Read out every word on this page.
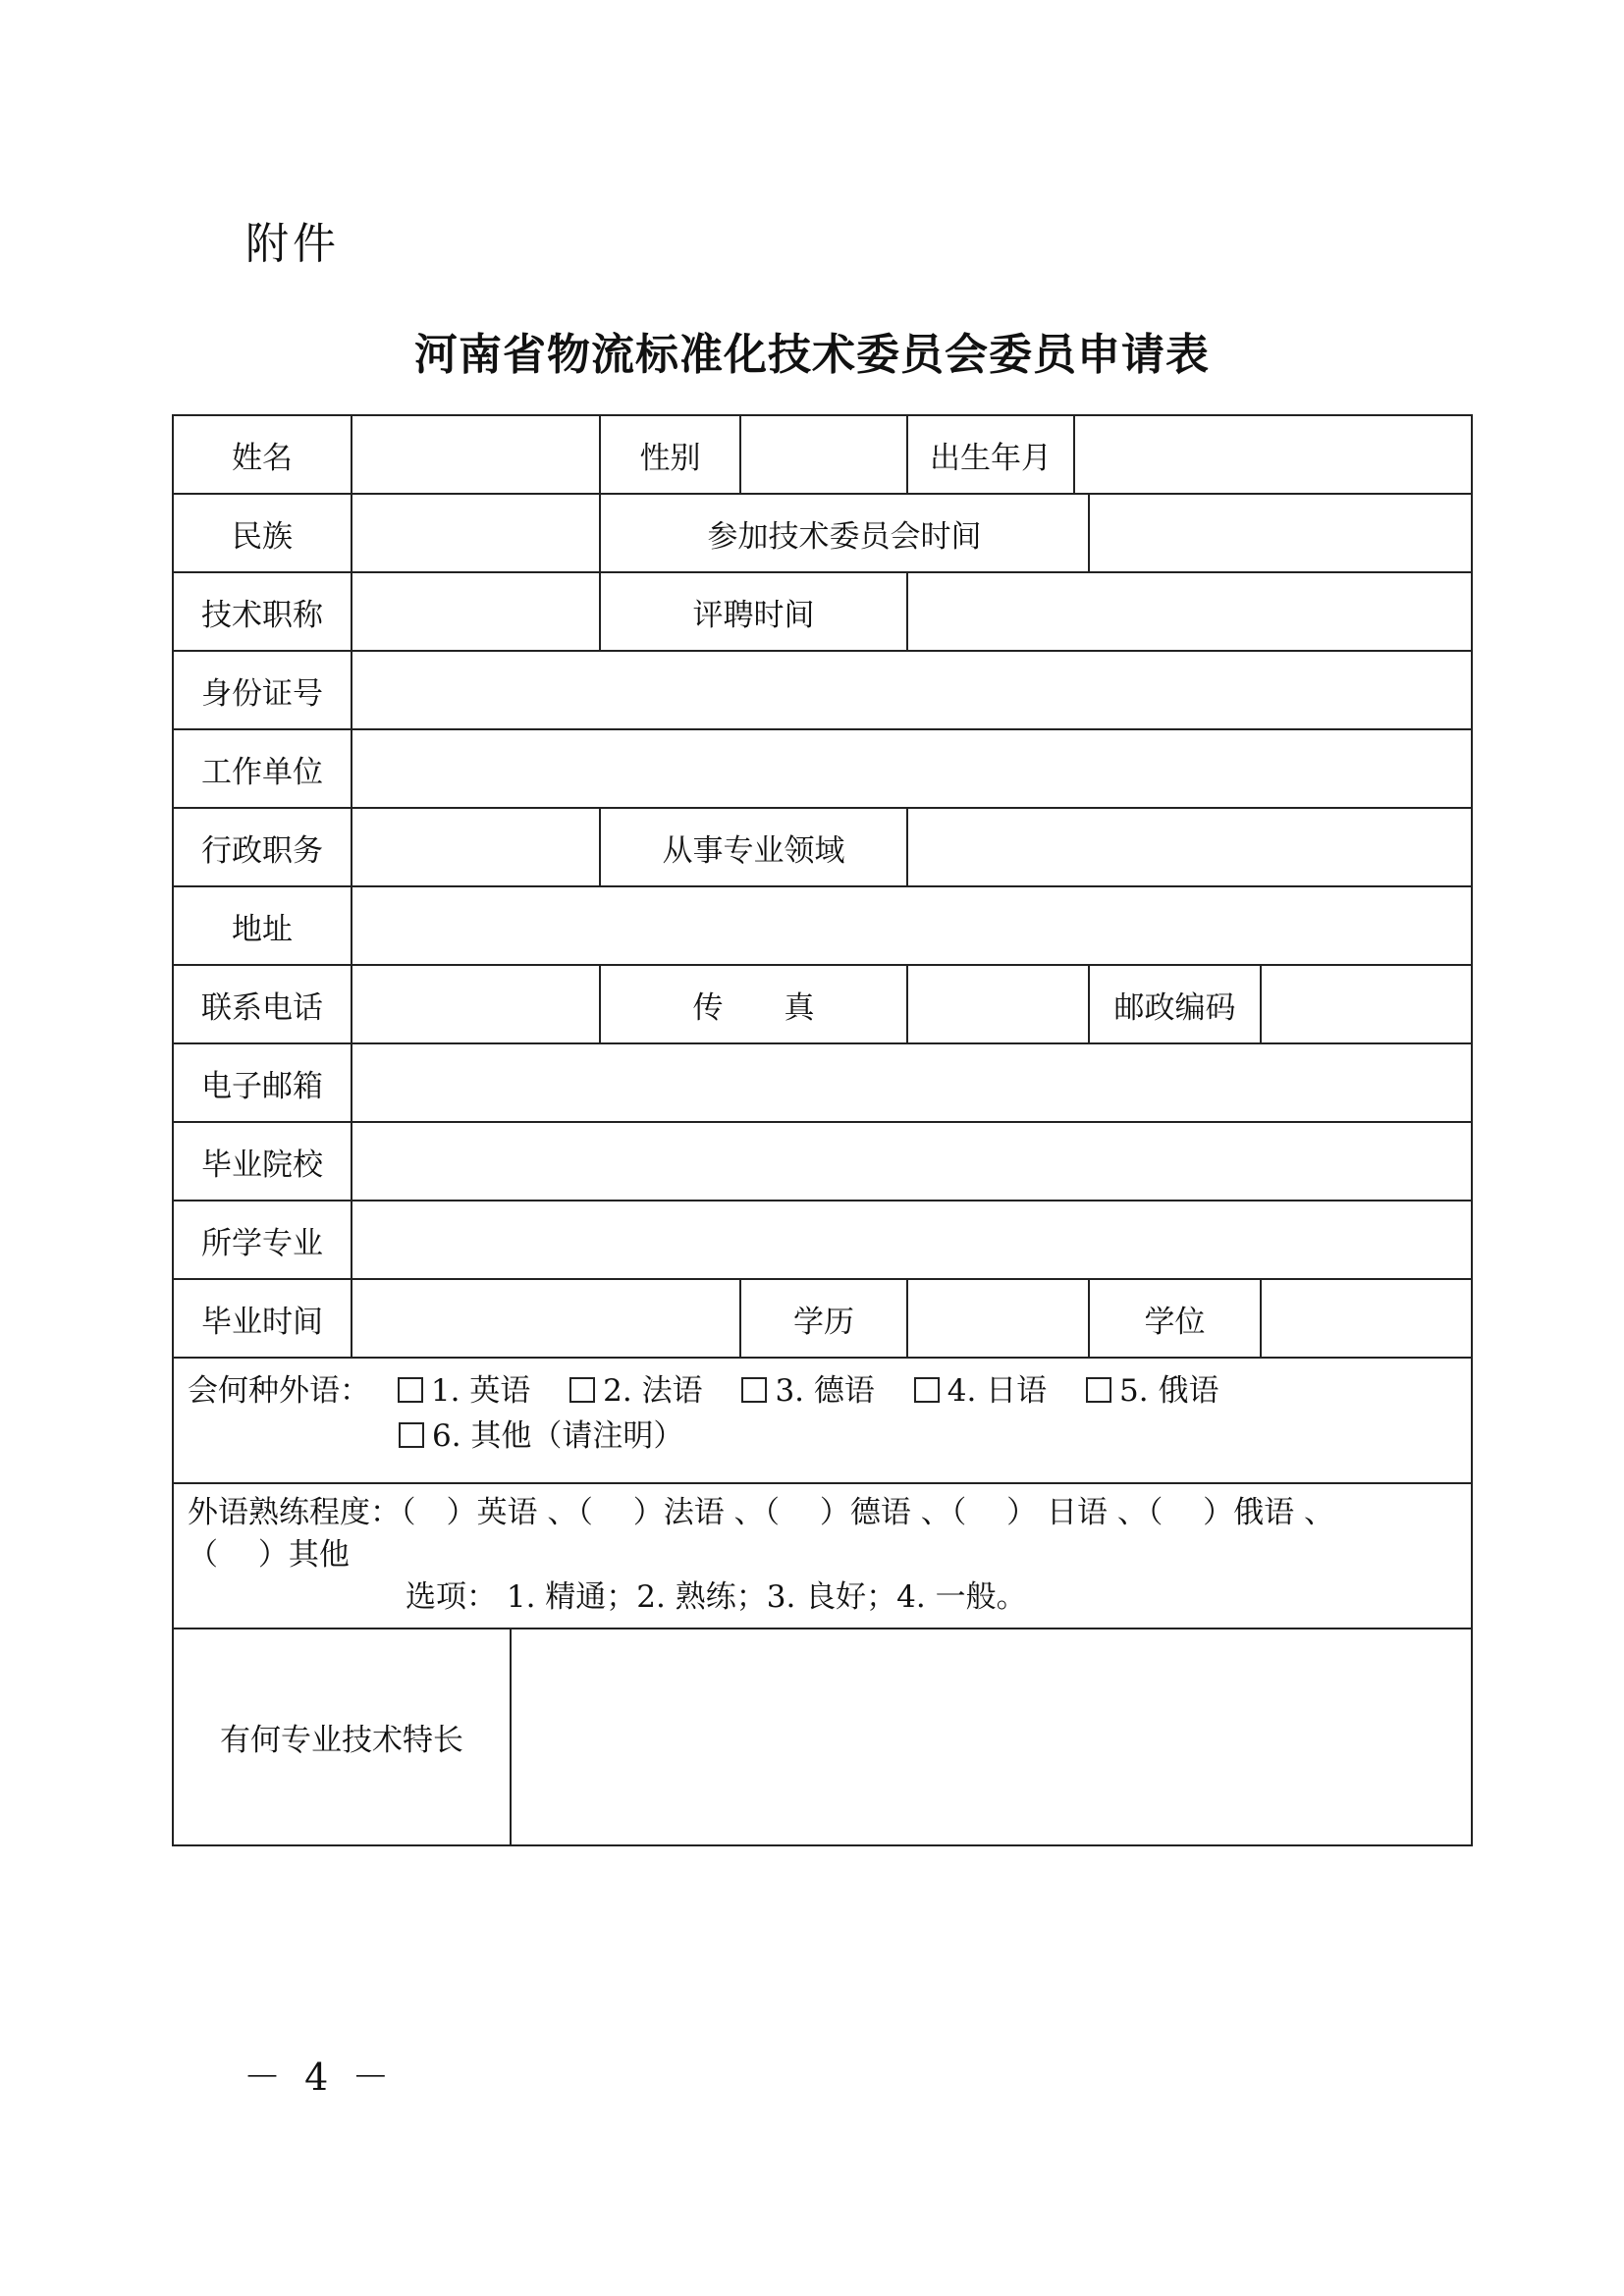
附件
河南省物流标准化技术委员会委员申请表
姓名			性别		出生年月			
民族			参加技术委员会时间					
技术职称			评聘时间					
身份证号								
工作单位								
行政职务			从事专业领域					
地址								
联系电话			传　　真				邮政编码	
电子邮箱								
毕业院校								
所学专业								
毕业时间				学历			学位	

会何种外语： 1. 英语 2. 法语 3. 德语 4. 日语 5. 俄语
6. 其他（请注明）								

外语熟练程度：（　）英语 、（　 ）法语 、（　 ）德语 、（　 ） 日语 、（　 ）俄语 、
（　 ）其他
选项： 1. 精通；2. 熟练；3. 良好；4. 一般。								

有何专业技术特长								
－ 4 －
